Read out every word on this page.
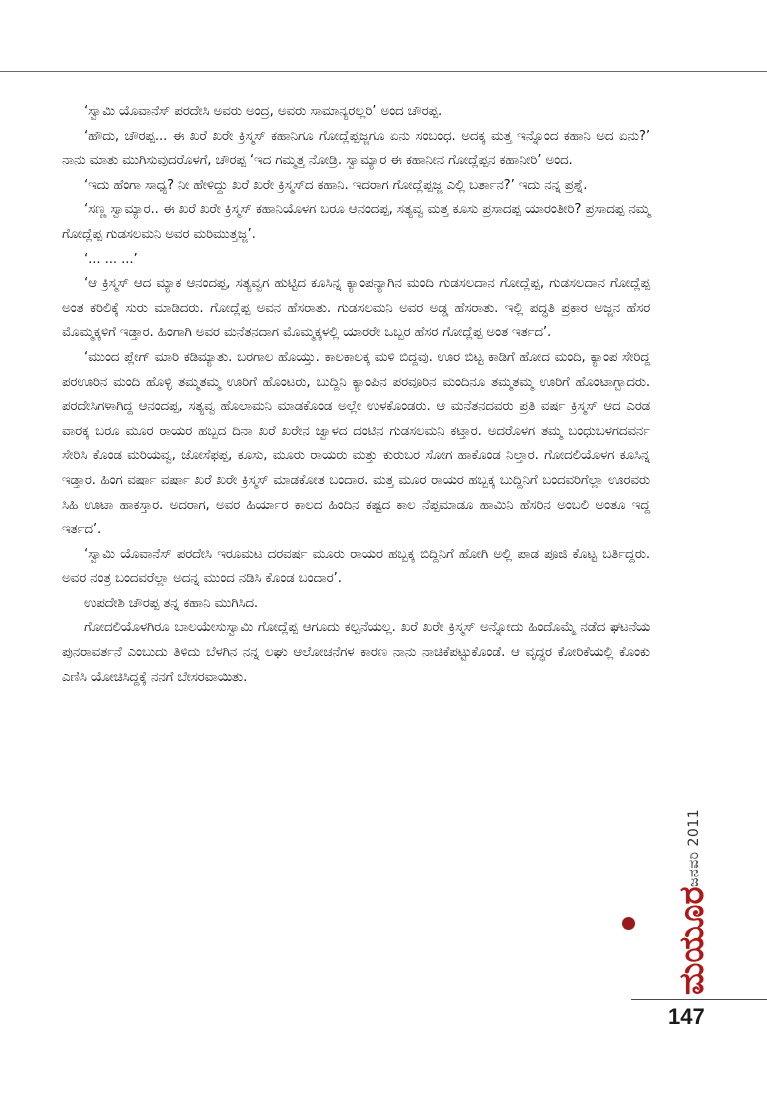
‘ಸ್ವಾಮಿ ಯೊವಾನೆಸ್ ಪರದೇಸಿ ಅವರು ಅಂದ್ರ, ಅವರು ಸಾಮಾನ್ಯರಲ್ಲರಿ’ ಅಂದ ಚೌರಪ್ಪ.

‘ಹೌದು, ಚೌರಪ್ಪ... ಈ ಖರೆ ಖರೇ ಕ್ರಿಸ್ಮಸ್ ಕಹಾನಿಗೂ ಗೋದ್ಲೆಪ್ಪಜ್ಜಗೂ ಏನು ಸಂಬಂಧ. ಅದಕ್ಕ ಮತ್ತ ಇನ್ನೊಂದ ಕಹಾನಿ ಅದ ಏನು?’ ನಾನು ಮಾತು ಮುಗಿಸುವುದರೊಳಗೆ, ಚೌರಪ್ಪ ‘ಇದ ಗಮ್ಮತ್ತ ನೋಡ್ರಿ. ಸ್ವಾಮ್ಯಾರ ಈ ಕಹಾನೀನ ಗೋದ್ಲೆಪ್ಪನ ಕಹಾನೀರಿ’ ಅಂದ.

‘ಇದು ಹೆಂಗಾ ಸಾಧ್ಯ? ನೀ ಹೇಳಿದ್ದು ಖರೆ ಖರೇ ಕ್ರಿಸ್ಮಸ್‌ದ ಕಹಾನಿ. ಇದರಾಗ ಗೋದ್ಲೆಪ್ಪಜ್ಜ ಎಲ್ಲಿ ಬರ್ತಾನ?’ ಇದು ನನ್ನ ಪ್ರಶ್ನೆ.

‘ಸಣ್ಣ ಸ್ವಾಮ್ಯಾರ.. ಈ ಖರೆ ಖರೇ ಕ್ರಿಸ್ಮಸ್ ಕಹಾನಿಯೊಳಗ ಬರೂ ಆನಂದಪ್ಪ, ಸತ್ಯವ್ವ ಮತ್ತ ಕೂಸು ಪ್ರಸಾದಪ್ಪ ಯಾರಂತೀರಿ? ಪ್ರಸಾದಪ್ಪ ನಮ್ಮ ಗೋದ್ಲೆಪ್ಪ ಗುಡಸಲಮನಿ ಅವರ ಮರಿಮುತ್ತಜ್ಜ’.

‘... ... ...’

‘ಆ ಕ್ರಿಸ್ಮಸ್ ಆದ ಮ್ಯಾಕ ಆನಂದಪ್ಪ, ಸತ್ಯವ್ವಗ ಹುಟ್ಟಿದ ಕೂಸಿನ್ನ ಕ್ಯಾಂಪನ್ಯಾಗಿನ ಮಂದಿ ಗುಡಸಲದಾನ ಗೋದ್ಲೆಪ್ಪ, ಗುಡಸಲದಾನ ಗೋದ್ಲೆಪ್ಪ ಅಂತ ಕರಿಲಿಕ್ಕೆ ಸುರು ಮಾಡಿದರು. ಗೋದ್ಲೆಪ್ಪ ಅವನ ಹೆಸರಾತು. ಗುಡಸಲಮನಿ ಅವರ ಅಡ್ಡ ಹೆಸರಾತು. ಇಲ್ಲಿ ಪದ್ಧತಿ ಪ್ರಕಾರ ಅಜ್ಜನ ಹೆಸರ ಮೊಮ್ಮಕ್ಕಳಿಗೆ ಇಡ್ತಾರ. ಹಿಂಗಾಗಿ ಅವರ ಮನೆತನದಾಗ ಮೊಮ್ಮಕ್ಕಳಲ್ಲಿ ಯಾರರೇ ಒಬ್ಬರ ಹೆಸರ ಗೋದ್ಲೆಪ್ಪ ಅಂತ ಇರ್ತದ’.

‘ಮುಂದ ಪ್ಲೇಗ್ ಮಾರಿ ಕಡಿಮ್ಯಾತು. ಬರಗಾಲ ಹೊಯ್ತು. ಕಾಲಕಾಲಕ್ಕ ಮಳಿ ಬಿದ್ದವು. ಊರ ಬಿಟ್ಟ ಕಾಡಿಗೆ ಹೋದ ಮಂದಿ, ಕ್ಯಾಂಪ ಸೇರಿದ್ದ ಪರಊರಿನ ಮಂದಿ ಹೊಳ್ಳಿ ತಮ್ಮತಮ್ಮ ಊರಿಗೆ ಹೊಂಟರು, ಬುದ್ದಿನಿ ಕ್ಯಾಂಪಿನ ಪರವೂರಿನ ಮಂದಿನೂ ತಮ್ಮತಮ್ಮ ಊರಿಗೆ ಹೊಂಟಾಗ್ಬಾದರು. ಪರದೇಸಿಗಳಾಗಿದ್ದ ಆನಂದಪ್ಪ, ಸತ್ಯವ್ವ ಹೊಲಾಮನಿ ಮಾಡಕೊಂಡ ಅಲ್ಲೇ ಉಳಕೊಂಡರು. ಆ ಮನೆತನದವರು ಪ್ರತಿ ವರ್ಷ ಕ್ರಿಸ್ಮಸ್ ಆದ ಎರಡ ವಾರಕ್ಕ ಬರೂ ಮೂರ ರಾಯರ ಹಬ್ಬದ ದಿನಾ ಖರೆ ಖರೇನ ಜ್ವಾಳದ ದಂಟಿನ ಗುಡಸಲಮನಿ ಕಟ್ತಾರ. ಅದರೊಳಗ ತಮ್ಮ ಬಂಧುಬಳಗದವರ್ನ ಸೇರಿಸಿ ಕೊಂಡ ಮರಿಯವ್ವ, ಜೋಸೆಫಪ್ಪ, ಕೂಸು, ಮೂರು ರಾಯರು ಮತ್ತು ಕುರುಬರ ಸೋಗ ಹಾಕೊಂಡ ನಿಲ್ತಾರ. ಗೋದಲಿಯೊಳಗ ಕೂಸಿನ್ನ ಇಡ್ತಾರ. ಹಿಂಗ ವರ್ಷಾ ವರ್ಷಾ ಖರೆ ಖರೇ ಕ್ರಿಸ್ಮಸ್ ಮಾಡಕೋತ ಬಂದಾರ. ಮತ್ತ ಮೂರ ರಾಯರ ಹಬ್ಬಕ್ಕ ಬುದ್ದಿನಿಗೆ ಬಂದವರಿಗೆಲ್ಲಾ ಊರವರು ಸಿಹಿ ಊಟಾ ಹಾಕಸ್ತಾರ. ಅದರಾಗ, ಅವರ ಹಿರ್ಯಾರ ಕಾಲದ ಹಿಂದಿನ ಕಷ್ಟದ ಕಾಲ ನೆಪ್ಪಮಾಡೂ ಹಾಮಿನಿ ಹೆಸರಿನ ಅಂಬಲಿ ಅಂತೂ ಇದ್ದ ಇರ್ತದ’.

‘ಸ್ವಾಮಿ ಯೊವಾನೆಸ್ ಪರದೇಸಿ ಇರೂಮಟ ದರವರ್ಷ ಮೂರು ರಾಯರ ಹಬ್ಬಕ್ಕ ಬಿದ್ದಿನಿಗೆ ಹೋಗಿ ಅಲ್ಲಿ ಪಾಡ ಪೂಜಿ ಕೊಟ್ಟ ಬರ್ತಿದ್ದರು. ಅವರ ನಂತ್ರ ಬಂದವರೆಲ್ಲಾ ಅದನ್ನ ಮುಂದ ನಡಿಸಿ ಕೊಂಡ ಬಂದಾರ’.

ಉಪದೇಶಿ ಚೌರಪ್ಪ ತನ್ನ ಕಹಾನಿ ಮುಗಿಸಿದ.

ಗೋದಲಿಯೊಳಗಿರೂ ಬಾಲಯೇಸುಸ್ವಾಮಿ ಗೋದ್ಲೆಪ್ಪ ಆಗೂದು ಕಲ್ಪನೆಯಲ್ಲ. ಖರೆ ಖರೇ ಕ್ರಿಸ್ಮಸ್ ಅನ್ನೋದು ಹಿಂದೊಮ್ಮೆ ನಡೆದ ಘಟನೆಯ ಪುನರಾವರ್ತನೆ ಎಂಬುದು ತಿಳಿದು ಬೆಳಗಿನ ನನ್ನ ಲಘು ಆಲೋಚನೆಗಳ ಕಾರಣ ನಾನು ನಾಚಿಕೆಪಟ್ಟುಕೊಂಡೆ. ಆ ವೃದ್ಧರ ಕೋರಿಕೆಯಲ್ಲಿ ಕೊಂಕು ಎಣಿಸಿ ಯೋಚಿಸಿದ್ದಕ್ಕೆ ನನಗೆ ಬೇಸರವಾಯಿತು.

ಜನವರಿ 2011
ಮಯೂರ
147
